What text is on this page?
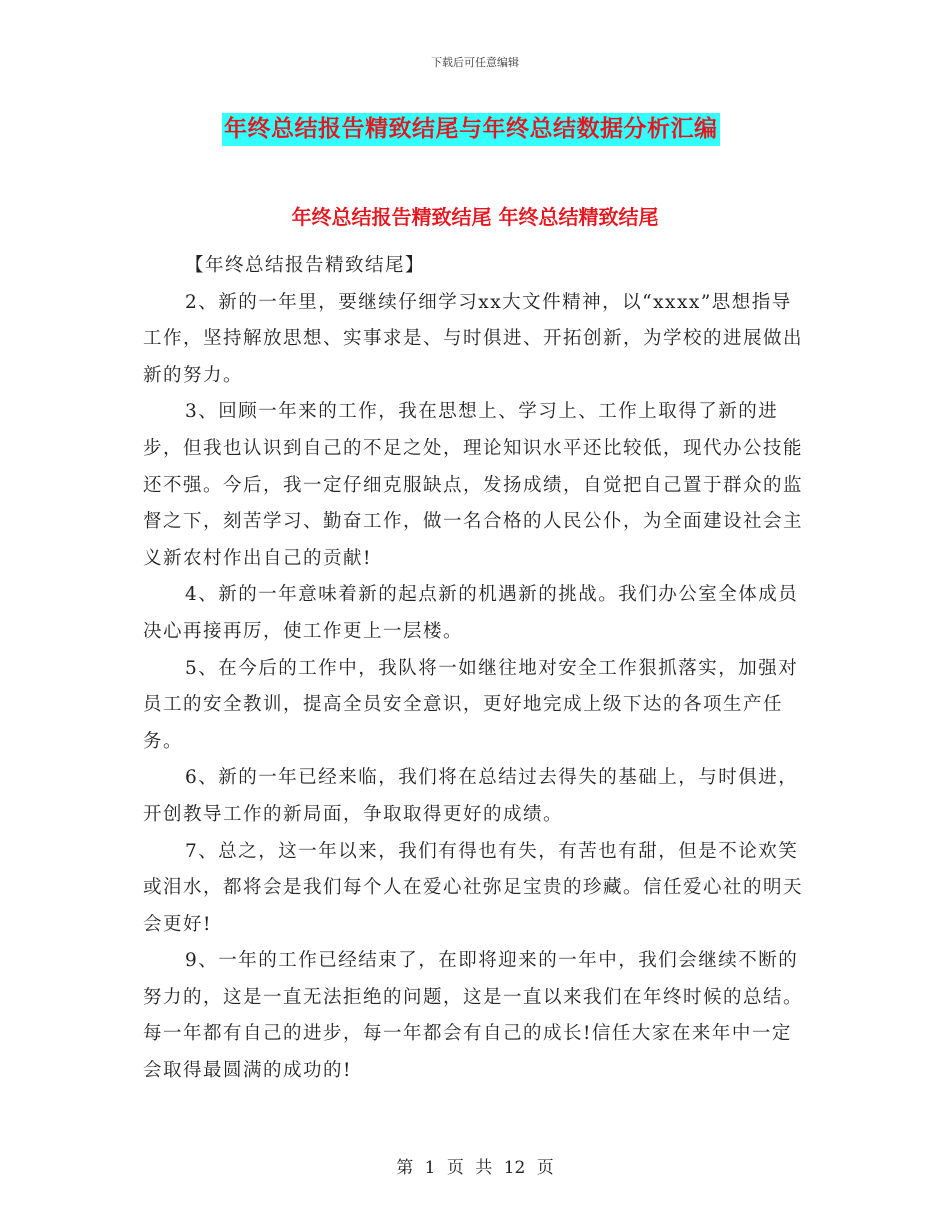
下载后可任意编辑
年终总结报告精致结尾与年终总结数据分析汇编
年终总结报告精致结尾 年终总结精致结尾

【年终总结报告精致结尾】

2、新的一年里，要继续仔细学习xx大文件精神，以“xxxx”思想指导工作，坚持解放思想、实事求是、与时俱进、开拓创新，为学校的进展做出新的努力。

3、回顾一年来的工作，我在思想上、学习上、工作上取得了新的进步，但我也认识到自己的不足之处，理论知识水平还比较低，现代办公技能还不强。今后，我一定仔细克服缺点，发扬成绩，自觉把自己置于群众的监督之下，刻苦学习、勤奋工作，做一名合格的人民公仆，为全面建设社会主义新农村作出自己的贡献!

4、新的一年意味着新的起点新的机遇新的挑战。我们办公室全体成员决心再接再厉，使工作更上一层楼。

5、在今后的工作中，我队将一如继往地对安全工作狠抓落实，加强对员工的安全教训，提高全员安全意识，更好地完成上级下达的各项生产任务。

6、新的一年已经来临，我们将在总结过去得失的基础上，与时俱进，开创教导工作的新局面，争取取得更好的成绩。

7、总之，这一年以来，我们有得也有失，有苦也有甜，但是不论欢笑或泪水，都将会是我们每个人在爱心社弥足宝贵的珍藏。信任爱心社的明天会更好!

9、一年的工作已经结束了，在即将迎来的一年中，我们会继续不断的努力的，这是一直无法拒绝的问题，这是一直以来我们在年终时候的总结。每一年都有自己的进步，每一年都会有自己的成长!信任大家在来年中一定会取得最圆满的成功的!

第 1 页 共 12 页
